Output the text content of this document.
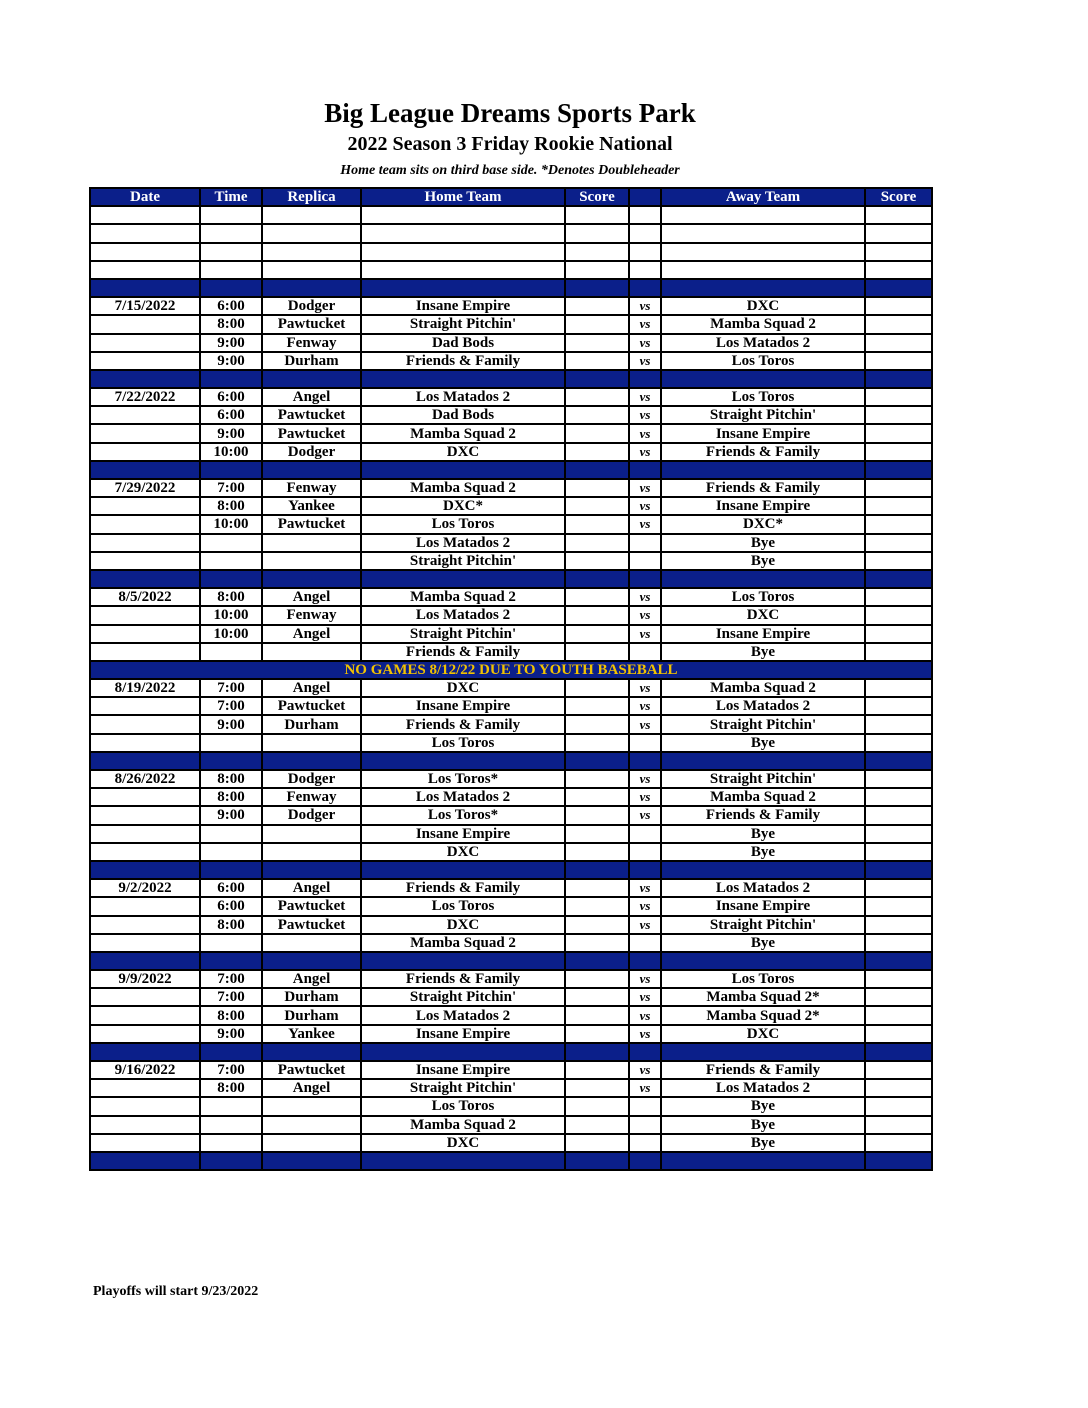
Big League Dreams Sports Park
2022 Season 3 Friday Rookie National
Home team sits on third base side. *Denotes Doubleheader
Date	Time	Replica	Home Team	Score		Away Team	Score

7/15/2022	6:00	Dodger	Insane Empire		vs	DXC	
	8:00	Pawtucket	Straight Pitchin'		vs	Mamba Squad 2	
	9:00	Fenway	Dad Bods		vs	Los Matados 2	
	9:00	Durham	Friends & Family		vs	Los Toros	

7/22/2022	6:00	Angel	Los Matados 2		vs	Los Toros	
	6:00	Pawtucket	Dad Bods		vs	Straight Pitchin'	
	9:00	Pawtucket	Mamba Squad 2		vs	Insane Empire	
	10:00	Dodger	DXC		vs	Friends & Family	

7/29/2022	7:00	Fenway	Mamba Squad 2		vs	Friends & Family	
	8:00	Yankee	DXC*		vs	Insane Empire	
	10:00	Pawtucket	Los Toros		vs	DXC*	
			Los Matados 2			Bye	
			Straight Pitchin'			Bye	

8/5/2022	8:00	Angel	Mamba Squad 2		vs	Los Toros	
	10:00	Fenway	Los Matados 2		vs	DXC	
	10:00	Angel	Straight Pitchin'		vs	Insane Empire	
			Friends & Family			Bye	
NO GAMES 8/12/22 DUE TO YOUTH BASEBALL							
8/19/2022	7:00	Angel	DXC		vs	Mamba Squad 2	
	7:00	Pawtucket	Insane Empire		vs	Los Matados 2	
	9:00	Durham	Friends & Family		vs	Straight Pitchin'	
			Los Toros			Bye	

8/26/2022	8:00	Dodger	Los Toros*		vs	Straight Pitchin'	
	8:00	Fenway	Los Matados 2		vs	Mamba Squad 2	
	9:00	Dodger	Los Toros*		vs	Friends & Family	
			Insane Empire			Bye	
			DXC			Bye	

9/2/2022	6:00	Angel	Friends & Family		vs	Los Matados 2	
	6:00	Pawtucket	Los Toros		vs	Insane Empire	
	8:00	Pawtucket	DXC		vs	Straight Pitchin'	
			Mamba Squad 2			Bye	

9/9/2022	7:00	Angel	Friends & Family		vs	Los Toros	
	7:00	Durham	Straight Pitchin'		vs	Mamba Squad 2*	
	8:00	Durham	Los Matados 2		vs	Mamba Squad 2*	
	9:00	Yankee	Insane Empire		vs	DXC	

9/16/2022	7:00	Pawtucket	Insane Empire		vs	Friends & Family	
	8:00	Angel	Straight Pitchin'		vs	Los Matados 2	
			Los Toros			Bye	
			Mamba Squad 2			Bye	
			DXC			Bye	

Playoffs will start 9/23/2022
